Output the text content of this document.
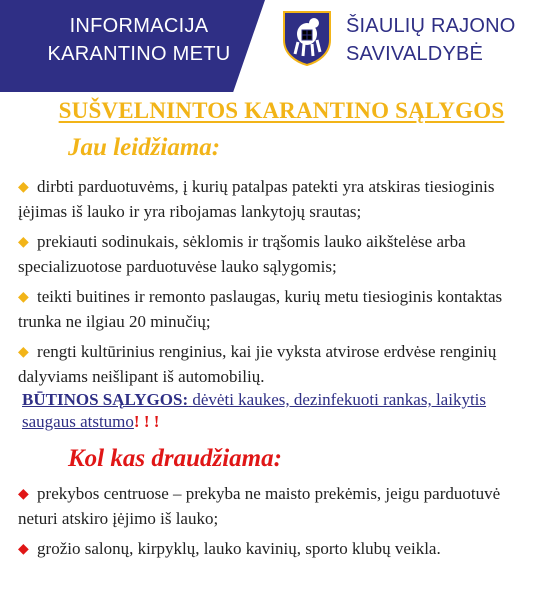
INFORMACIJA
KARANTINO METU
ŠIAULIŲ RAJONO
SAVIVALDYBĖ
SUŠVELNINTOS KARANTINO SĄLYGOS
Jau leidžiama:
◆ dirbti parduotuvėms, į kurių patalpas patekti yra atskiras tiesioginis įėjimas iš lauko ir yra ribojamas lankytojų srautas;
◆ prekiauti sodinukais, sėklomis ir trąšomis lauko aikštelėse arba specializuotose parduotuvėse lauko sąlygomis;
◆ teikti buitines ir remonto paslaugas, kurių metu tiesioginis kontaktas trunka ne ilgiau 20 minučių;
◆ rengti kultūrinius renginius, kai jie vyksta atvirose erdvėse renginių dalyviams neišlipant iš automobilių.
BŪTINOS SĄLYGOS: dėvėti kaukes, dezinfekuoti rankas, laikytis saugaus atstumo! ! !
Kol kas draudžiama:
◆ prekybos centruose – prekyba ne maisto prekėmis, jeigu parduotuvė neturi atskiro įėjimo iš lauko;
◆ grožio salonų, kirpyklų, lauko kavinių, sporto klubų veikla.
